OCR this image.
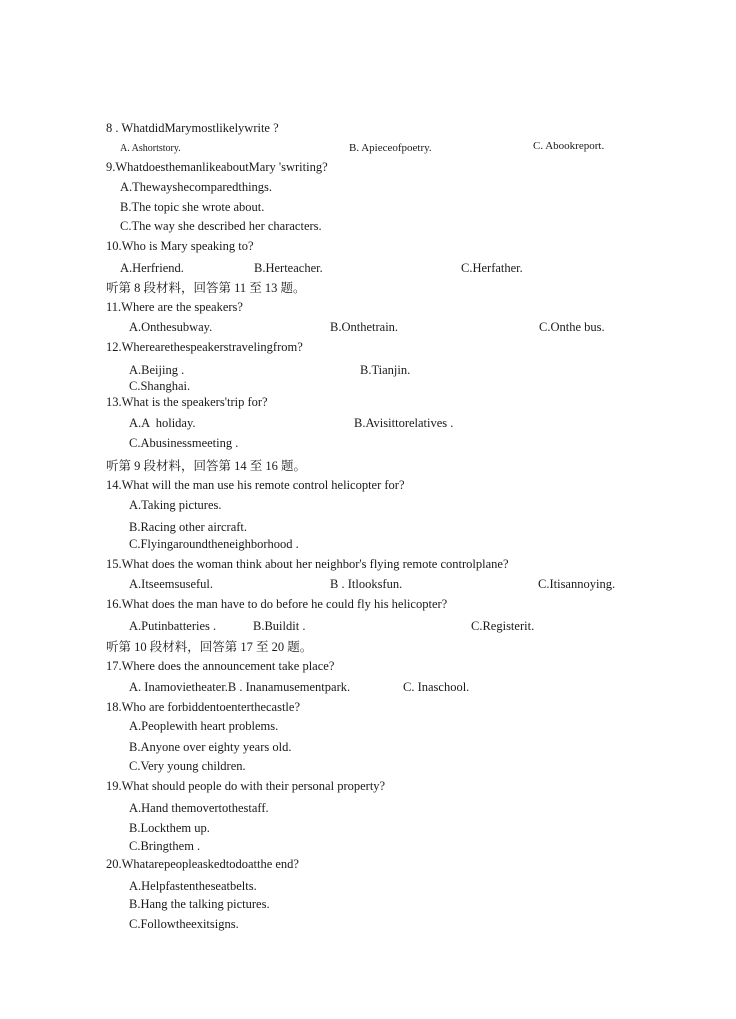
8 . WhatdidMarymostlikelywrite ?
A. Ashortstory.	B. Apieceofpoetry.	C. Abookreport.
9.WhatdoesthemanlikeaboutMary 'swriting?
A.Thewayshecomparedthings.
B.The topic she wrote about.
C.The way she described her characters.
10.Who is Mary speaking to?
A.Herfriend.	B.Herteacher.	C.Herfather.
听第 8 段材料，回答第 11 至 13 题。
11.Where are the speakers?
A.Onthesubway.	B.Onthetrain.	C.Onthe bus.
12.Wherearethespeakerstravelingfrom?
A.Beijing .	B.Tianjin.
C.Shanghai.
13.What is the speakers'trip for?
A.A  holiday.	B.Avisittorelatives .
C.Abusinessmeeting .
听第 9 段材料，回答第 14 至 16 题。
14.What will the man use his remote control helicopter for?
A.Taking pictures.
B.Racing other aircraft.
C.Flyingaroundtheneighborhood .
15.What does the woman think about her neighbor's flying remote controlplane?
A.Itseemsuseful.	B . Itlooksfun.	C.Itisannoying.
16.What does the man have to do before he could fly his helicopter?
A.Putinbatteries .	B.Buildit .	C.Registerit.
听第 10 段材料，回答第 17 至 20 题。
17.Where does the announcement take place?
A. Inamovietheater.B . Inanamusementpark.	C. Inaschool.
18.Who are forbiddentoenterthecastle?
A.Peoplewith heart problems.
B.Anyone over eighty years old.
C.Very young children.
19.What should people do with their personal property?
A.Hand themovertothestaff.
B.Lockthem up.
C.Bringthem .
20.Whatarepeopleaskedtodoatthe end?
A.Helpfastentheseatbelts.
B.Hang the talking pictures.
C.Followtheexitsigns.
